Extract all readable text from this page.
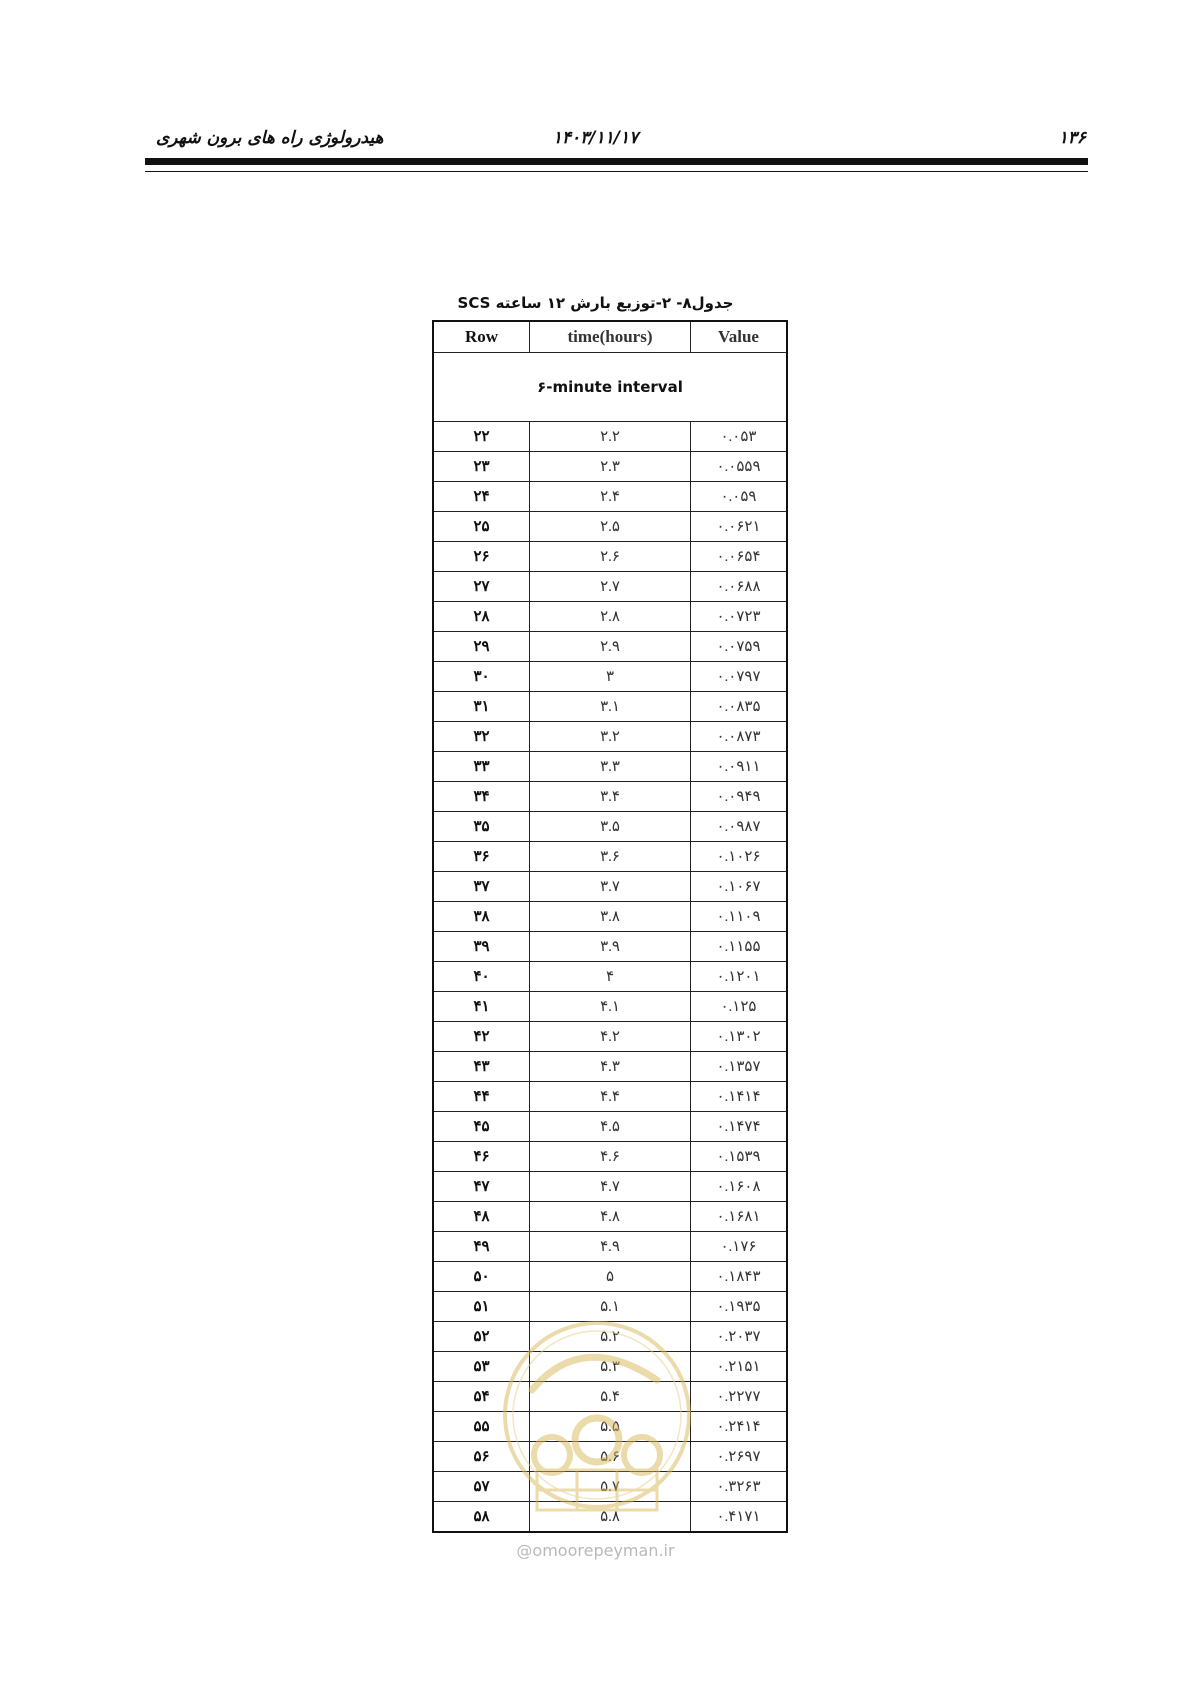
هیدرولوژی راه های برون شهری	۱۴۰۳/۱۱/۱۷	۱۳۶
جدول۸- ۲-توزیع بارش ۱۲ ساعته SCS
Row	time(hours)	Value
۶-minute interval		
۲۲	۲.۲	۰.۰۵۳
۲۳	۲.۳	۰.۰۵۵۹
۲۴	۲.۴	۰.۰۵۹
۲۵	۲.۵	۰.۰۶۲۱
۲۶	۲.۶	۰.۰۶۵۴
۲۷	۲.۷	۰.۰۶۸۸
۲۸	۲.۸	۰.۰۷۲۳
۲۹	۲.۹	۰.۰۷۵۹
۳۰	۳	۰.۰۷۹۷
۳۱	۳.۱	۰.۰۸۳۵
۳۲	۳.۲	۰.۰۸۷۳
۳۳	۳.۳	۰.۰۹۱۱
۳۴	۳.۴	۰.۰۹۴۹
۳۵	۳.۵	۰.۰۹۸۷
۳۶	۳.۶	۰.۱۰۲۶
۳۷	۳.۷	۰.۱۰۶۷
۳۸	۳.۸	۰.۱۱۰۹
۳۹	۳.۹	۰.۱۱۵۵
۴۰	۴	۰.۱۲۰۱
۴۱	۴.۱	۰.۱۲۵
۴۲	۴.۲	۰.۱۳۰۲
۴۳	۴.۳	۰.۱۳۵۷
۴۴	۴.۴	۰.۱۴۱۴
۴۵	۴.۵	۰.۱۴۷۴
۴۶	۴.۶	۰.۱۵۳۹
۴۷	۴.۷	۰.۱۶۰۸
۴۸	۴.۸	۰.۱۶۸۱
۴۹	۴.۹	۰.۱۷۶
۵۰	۵	۰.۱۸۴۳
۵۱	۵.۱	۰.۱۹۳۵
۵۲	۵.۲	۰.۲۰۳۷
۵۳	۵.۳	۰.۲۱۵۱
۵۴	۵.۴	۰.۲۲۷۷
۵۵	۵.۵	۰.۲۴۱۴
۵۶	۵.۶	۰.۲۶۹۷
۵۷	۵.۷	۰.۳۲۶۳
۵۸	۵.۸	۰.۴۱۷۱
@omoorepeyman.ir
